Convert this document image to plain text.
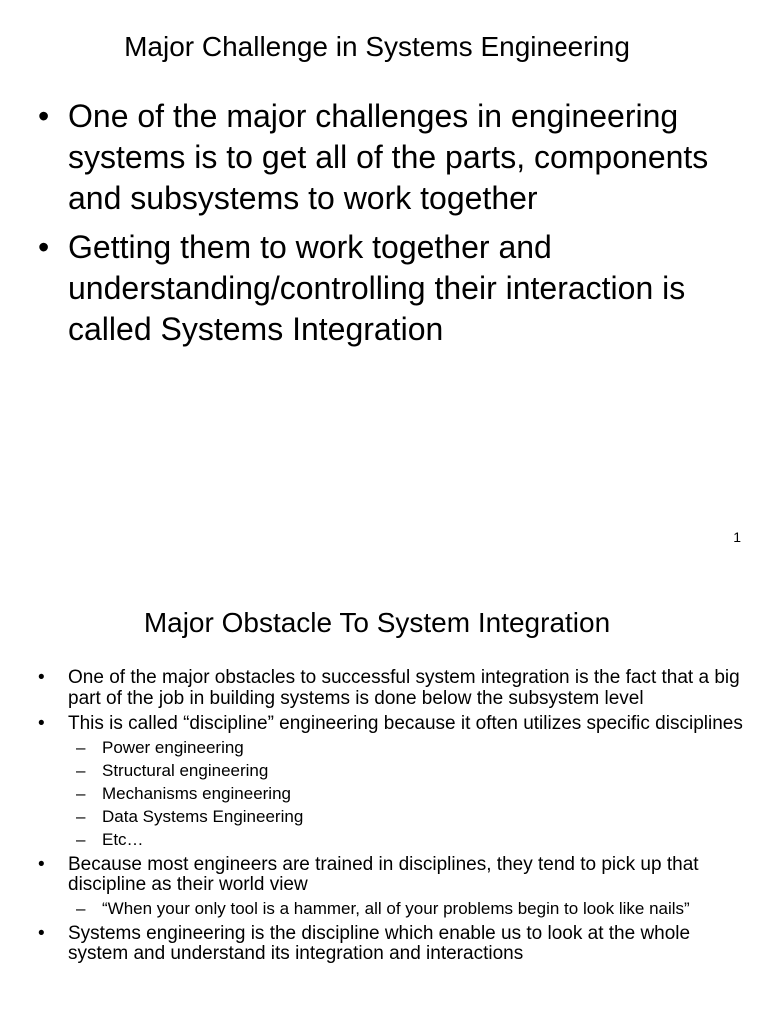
Major Challenge in Systems Engineering
• One of the major challenges in engineering systems is to get all of the parts, components and subsystems to work together
• Getting them to work together and understanding/controlling their interaction is called Systems Integration
1
Major Obstacle To System Integration
• One of the major obstacles to successful system integration is the fact that a big part of the job in building systems is done below the subsystem level
• This is called “discipline” engineering because it often utilizes specific disciplines
– Power engineering
– Structural engineering
– Mechanisms engineering
– Data Systems Engineering
– Etc…
• Because most engineers are trained in disciplines, they tend to pick up that discipline as their world view
– “When your only tool is a hammer, all of your problems begin to look like nails”
• Systems engineering is the discipline which enable us to look at the whole system and understand its integration and interactions
